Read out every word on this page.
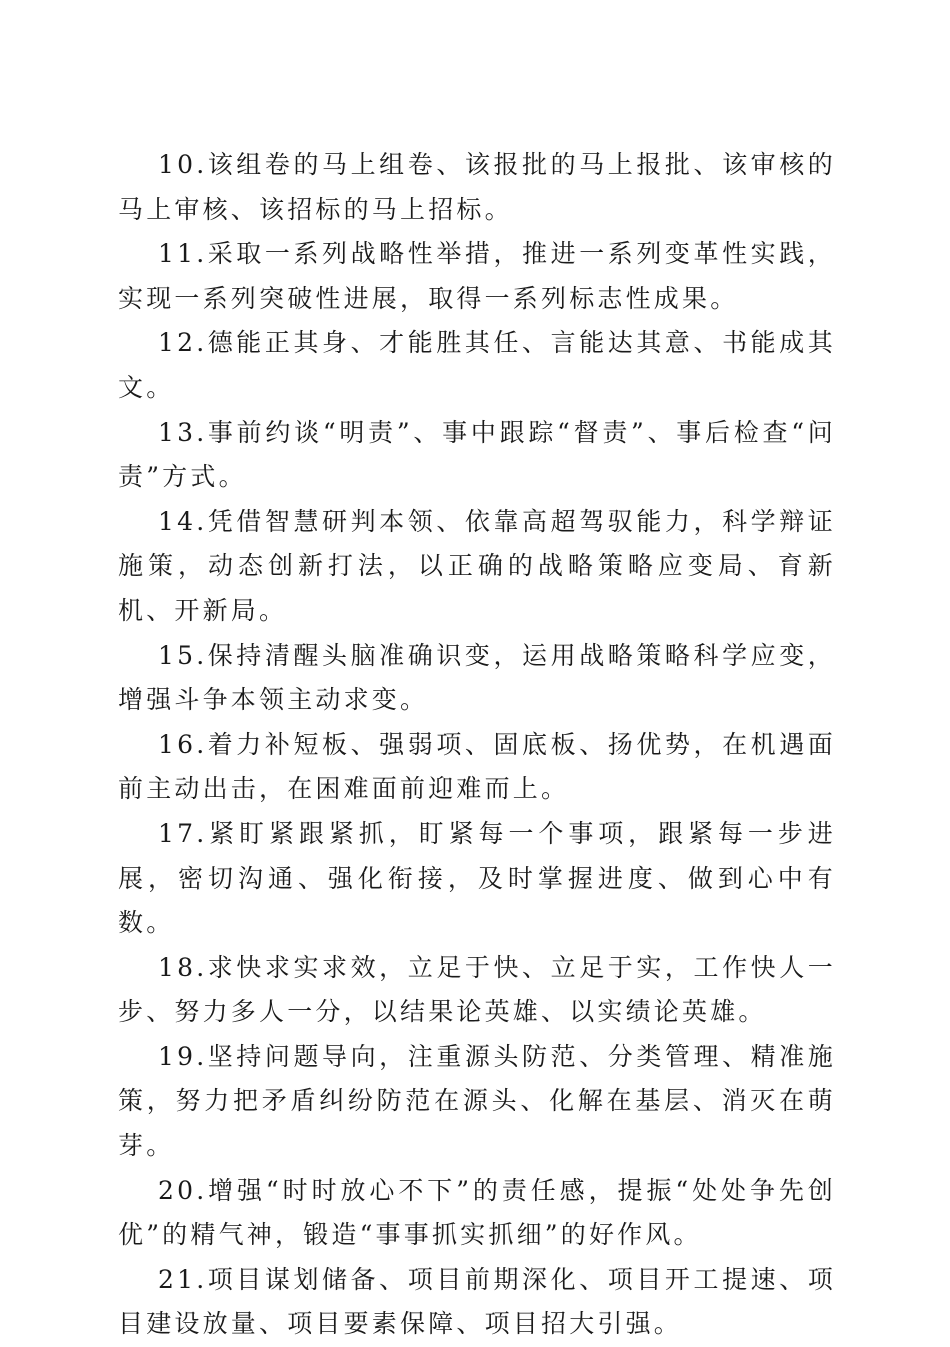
10.该组卷的马上组卷、该报批的马上报批、该审核的马上审核、该招标的马上招标。

11.采取一系列战略性举措，推进一系列变革性实践，实现一系列突破性进展，取得一系列标志性成果。

12.德能正其身、才能胜其任、言能达其意、书能成其文。

13.事前约谈“明责”、事中跟踪“督责”、事后检查“问责”方式。

14.凭借智慧研判本领、依靠高超驾驭能力，科学辩证施策，动态创新打法，以正确的战略策略应变局、育新机、开新局。

15.保持清醒头脑准确识变，运用战略策略科学应变，增强斗争本领主动求变。

16.着力补短板、强弱项、固底板、扬优势，在机遇面前主动出击，在困难面前迎难而上。

17.紧盯紧跟紧抓，盯紧每一个事项，跟紧每一步进展，密切沟通、强化衔接，及时掌握进度、做到心中有数。

18.求快求实求效，立足于快、立足于实，工作快人一步、努力多人一分，以结果论英雄、以实绩论英雄。

19.坚持问题导向，注重源头防范、分类管理、精准施策，努力把矛盾纠纷防范在源头、化解在基层、消灭在萌芽。

20.增强“时时放心不下”的责任感，提振“处处争先创优”的精气神，锻造“事事抓实抓细”的好作风。

21.项目谋划储备、项目前期深化、项目开工提速、项目建设放量、项目要素保障、项目招大引强。
